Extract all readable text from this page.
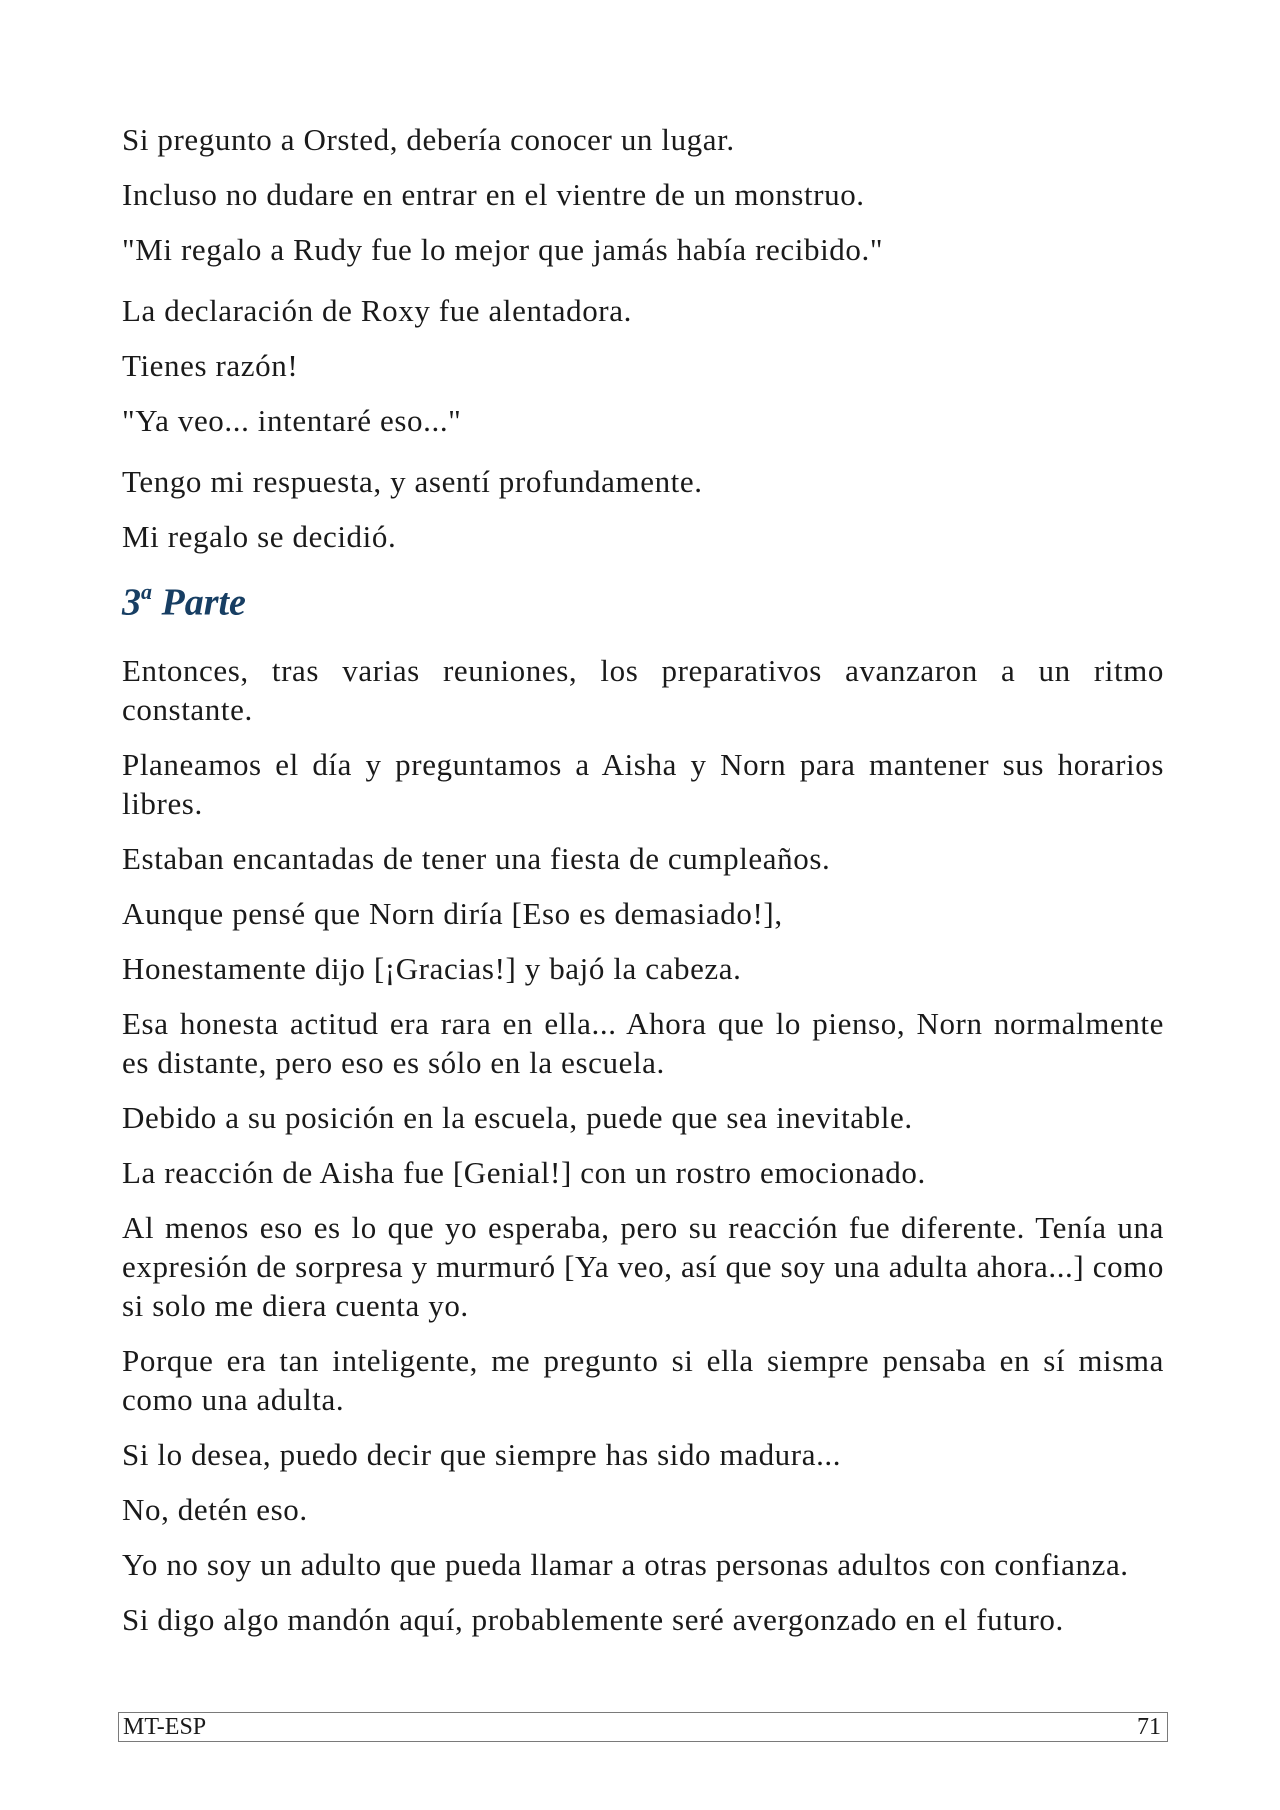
Si pregunto a Orsted, debería conocer un lugar.

Incluso no dudare en entrar en el vientre de un monstruo.

"Mi regalo a Rudy fue lo mejor que jamás había recibido."

La declaración de Roxy fue alentadora.

Tienes razón!

"Ya veo... intentaré eso..."

Tengo mi respuesta, y asentí profundamente.

Mi regalo se decidió.

3$^a$ Parte

Entonces, tras varias reuniones, los preparativos avanzaron a un ritmo constante.

Planeamos el día y preguntamos a Aisha y Norn para mantener sus horarios libres.

Estaban encantadas de tener una fiesta de cumpleaños.

Aunque pensé que Norn diría [Eso es demasiado!],

Honestamente dijo [¡Gracias!] y bajó la cabeza.

Esa honesta actitud era rara en ella... Ahora que lo pienso, Norn normalmente es distante, pero eso es sólo en la escuela.

Debido a su posición en la escuela, puede que sea inevitable.

La reacción de Aisha fue [Genial!] con un rostro emocionado.

Al menos eso es lo que yo esperaba, pero su reacción fue diferente. Tenía una expresión de sorpresa y murmuró [Ya veo, así que soy una adulta ahora...] como si solo me diera cuenta yo.

Porque era tan inteligente, me pregunto si ella siempre pensaba en sí misma como una adulta.

Si lo desea, puedo decir que siempre has sido madura...

No, detén eso.

Yo no soy un adulto que pueda llamar a otras personas adultos con confianza.

Si digo algo mandón aquí, probablemente seré avergonzado en el futuro.

MT-ESP	71
